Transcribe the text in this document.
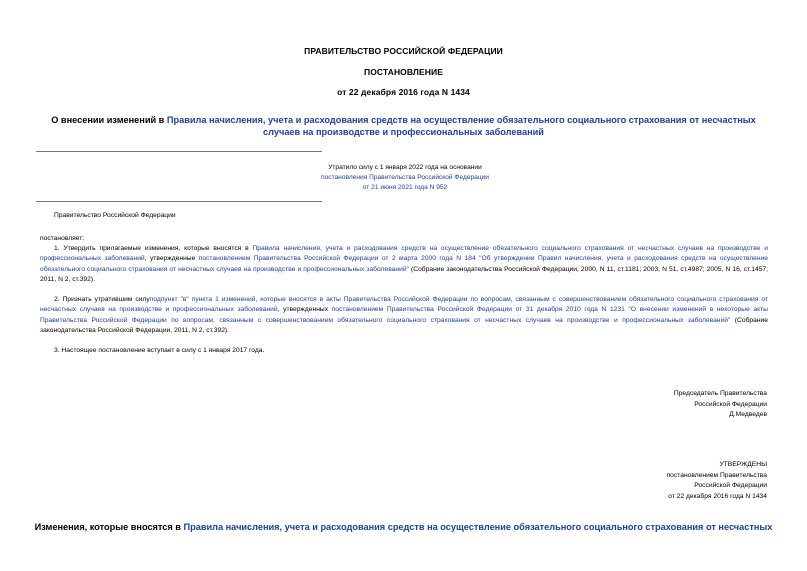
ПРАВИТЕЛЬСТВО РОССИЙСКОЙ ФЕДЕРАЦИИ
ПОСТАНОВЛЕНИЕ
от 22 декабря 2016 года N 1434
О внесении изменений в Правила начисления, учета и расходования средств на осуществление обязательного социального страхования от несчастных случаев на производстве и профессиональных заболеваний
Утратило силу с 1 января 2022 года на основании
постановления Правительства Российской Федерации
от 21 июня 2021 года N 952
Правительство Российской Федерации
постановляет:
1. Утвердить прилагаемые изменения, которые вносятся в Правила начисления, учета и расходования средств на осуществление обязательного социального страхования от несчастных случаев на производстве и профессиональных заболеваний, утвержденные постановлением Правительства Российской Федерации от 2 марта 2000 года N 184 "Об утверждении Правил начисления, учета и расходования средств на осуществление обязательного социального страхования от несчастных случаев на производстве и профессиональных заболеваний" (Собрание законодательства Российской Федерации, 2000, N 11, ст.1181; 2003, N 51, ст.4987; 2005, N 16, ст.1457; 2011, N 2, ст.392).
2. Признать утратившим силуподпункт "в" пункта 1 изменений, которые вносятся в акты Правительства Российской Федерации по вопросам, связанным с совершенствованием обязательного социального страхования от несчастных случаев на производстве и профессиональных заболеваний, утвержденных постановлением Правительства Российской Федерации от 31 декабря 2010 года N 1231 "О внесении изменений в некоторые акты Правительства Российской Федерации по вопросам, связанным с совершенствованием обязательного социального страхования от несчастных случаев на производстве и профессиональных заболеваний" (Собрание законодательства Российской Федерации, 2011, N 2, ст.392).
3. Настоящее постановление вступает в силу с 1 января 2017 года.
Председатель Правительства
Российской Федерации
Д.Медведев
УТВЕРЖДЕНЫ
постановлением Правительства
Российской Федерации
от 22 декабря 2016 года N 1434
Изменения, которые вносятся в Правила начисления, учета и расходования средств на осуществление обязательного социального страхования от несчастных
